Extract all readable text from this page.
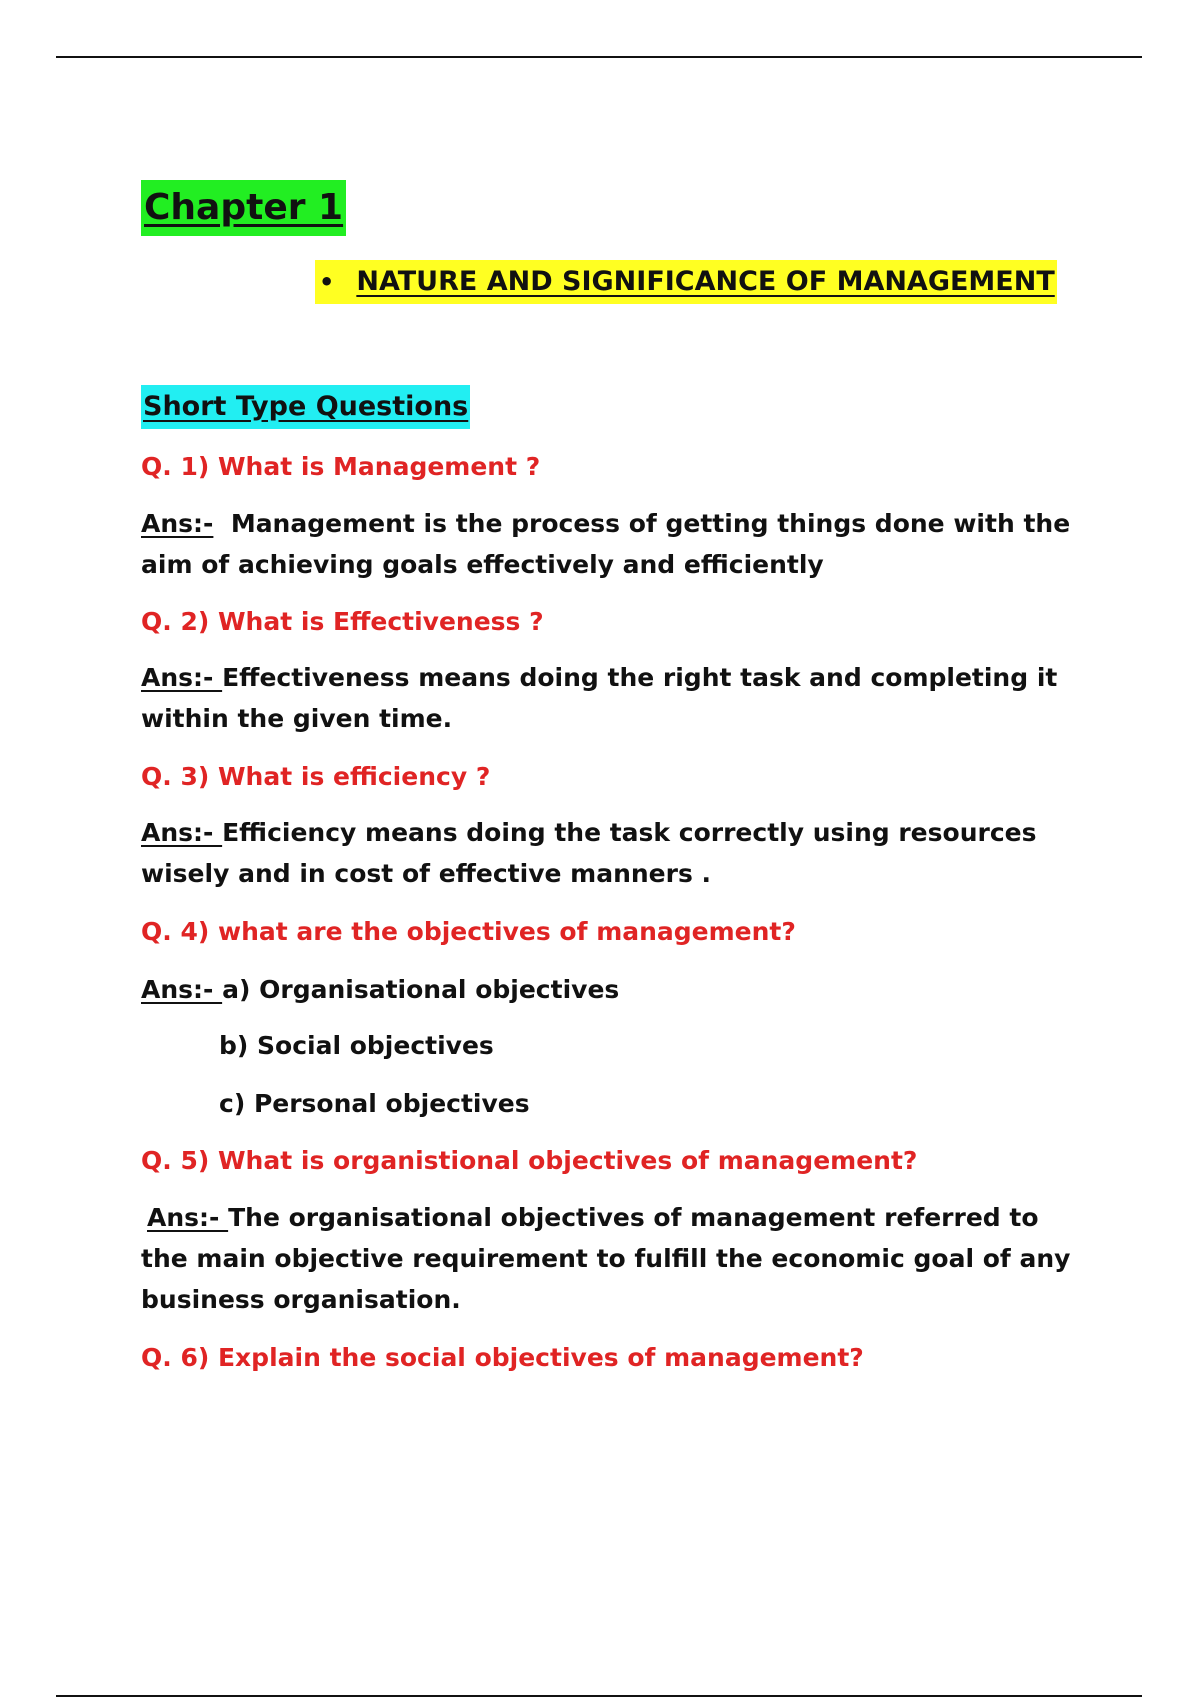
Chapter 1
• NATURE AND SIGNIFICANCE OF MANAGEMENT
Short Type Questions
Q. 1) What is Management ?
Ans:-  Management is the process of getting things done with the aim of achieving goals effectively and efficiently
Q. 2) What is Effectiveness ?
Ans:- Effectiveness means doing the right task and completing it within the given time.
Q. 3) What is efficiency ?
Ans:- Efficiency means doing the task correctly using resources wisely and in cost of effective manners .
Q. 4) what are the objectives of management?
Ans:- a) Organisational objectives
b) Social objectives
c) Personal objectives
Q. 5) What is organistional objectives of management?
Ans:- The organisational objectives of management referred to the main objective requirement to fulfill the economic goal of any business organisation.
Q. 6) Explain the social objectives of management?
